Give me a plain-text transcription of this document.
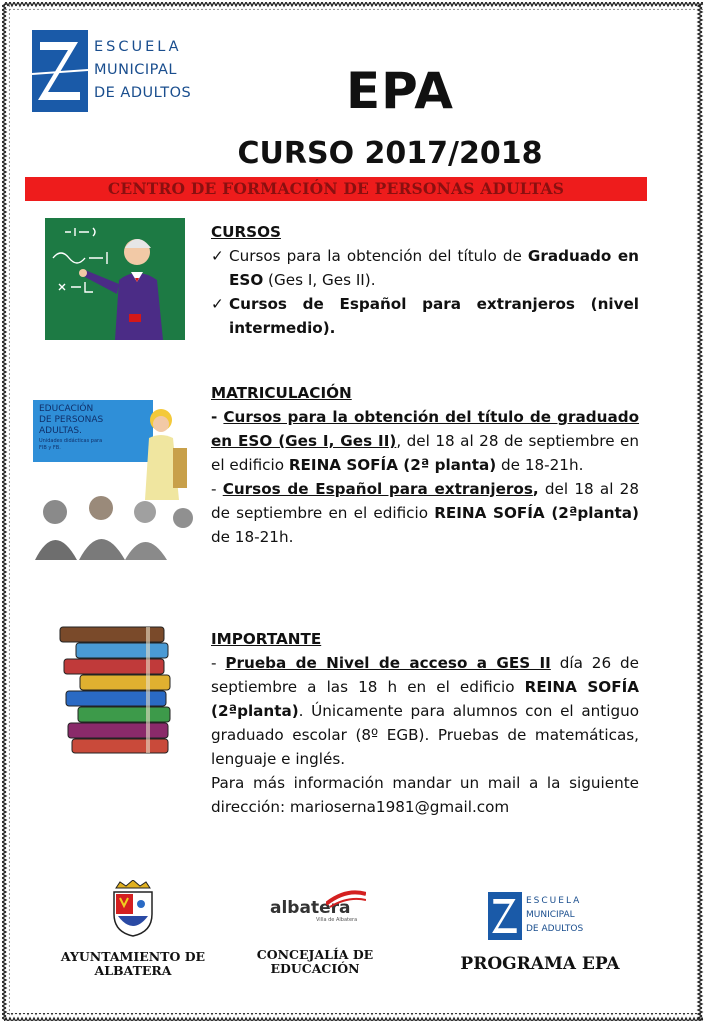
ESCUELA
MUNICIPAL
DE ADULTOS	EPA
CURSO 2017/2018
CENTRO DE FORMACIÓN DE PERSONAS ADULTAS
EDUCACIÓN
DE PERSONAS
ADULTAS.
Unidades didácticas para
FIB y FB.
CURSOS
✓ Cursos para la obtención del título de Graduado en ESO (Ges I, Ges II).
✓ Cursos de Español para extranjeros (nivel intermedio).
MATRICULACIÓN
- Cursos para la obtención del título de graduado en ESO (Ges I, Ges II), del 18 al 28 de septiembre en el edificio REINA SOFÍA (2ª planta) de 18-21h.
- Cursos de Español para extranjeros, del 18 al 28 de septiembre en el edificio REINA SOFÍA (2ªplanta) de 18-21h.
IMPORTANTE
- Prueba de Nivel de acceso a GES II día 26 de septiembre a las 18 h en el edificio REINA SOFÍA (2ªplanta). Únicamente para alumnos con el antiguo graduado escolar (8º EGB). Pruebas de matemáticas, lenguaje e inglés.
Para más información mandar un mail a la siguiente dirección: marioserna1981@gmail.com
AYUNTAMIENTO DE
ALBATERA
albatera
Villa de Albatera
CONCEJALÍA DE
EDUCACIÓN
ESCUELA
MUNICIPAL
DE ADULTOS
PROGRAMA EPA
